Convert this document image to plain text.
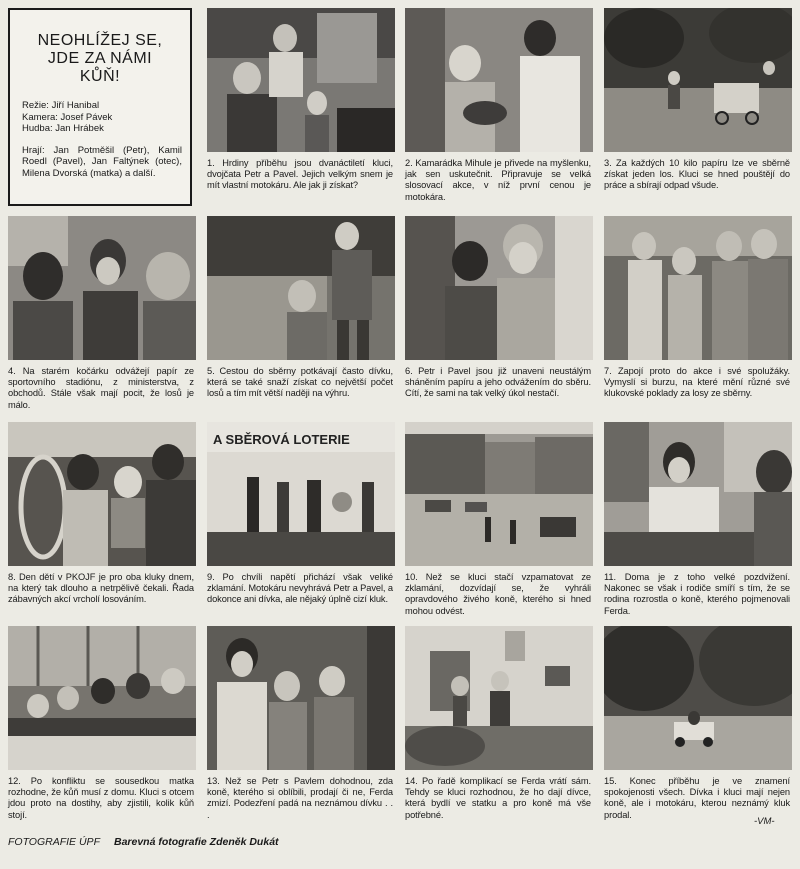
NEOHLÍŽEJ SE,
JDE ZA NÁMI
KŮŇ!
Režie: Jiří Hanibal
Kamera: Josef Pávek
Hudba: Jan Hrábek
Hrají: Jan Potměšil (Petr), Kamil Roedl (Pavel), Jan Faltýnek (otec), Milena Dvorská (matka) a další.
1. Hrdiny příběhu jsou dvanáctiletí kluci, dvojčata Petr a Pavel. Jejich velkým snem je mít vlastní motokáru. Ale jak ji získat?
2. Kamarádka Mihule je přivede na myšlenku, jak sen uskutečnit. Připravuje se velká slosovací akce, v níž první cenou je motokára.
3. Za každých 10 kilo papíru lze ve sběrně získat jeden los. Kluci se hned pouštějí do práce a sbírají odpad všude.
4. Na starém kočárku odvážejí papír ze sportovního stadiónu, z ministerstva, z obchodů. Stále však mají pocit, že losů je málo.
5. Cestou do sběrny potkávají často dívku, která se také snaží získat co největší počet losů a tím mít větší naději na výhru.
6. Petr i Pavel jsou již unaveni neustálým sháněním papíru a jeho odvážením do sběru. Cítí, že sami na tak velký úkol nestačí.
7. Zapojí proto do akce i své spolužáky. Vymyslí si burzu, na které mění různé své klukovské poklady za losy ze sběrny.
8. Den dětí v PKOJF je pro oba kluky dnem, na který tak dlouho a netrpělivě čekali. Řada zábavných akcí vrcholí losováním.
A SBĚROVÁ LOTERIE
9. Po chvíli napětí přichází však veliké zklamání. Motokáru nevyhrává Petr a Pavel, a dokonce ani dívka, ale nějaký úplně cizí kluk.
10. Než se kluci stačí vzpamatovat ze zklamání, dozvídají se, že vyhráli opravdového živého koně, kterého si hned mohou odvést.
11. Doma je z toho velké pozdvižení. Nakonec se však i rodiče smíří s tím, že se rodina rozrostla o koně, kterého pojmenovali Ferda.
12. Po konfliktu se sousedkou matka rozhodne, že kůň musí z domu. Kluci s otcem jdou proto na dostihy, aby zjistili, kolik kůň stojí.
13. Než se Petr s Pavlem dohodnou, zda koně, kterého si oblíbili, prodají či ne, Ferda zmizí. Podezření padá na neznámou dívku . . .
14. Po řadě komplikací se Ferda vrátí sám. Tehdy se kluci rozhodnou, že ho dají dívce, která bydlí ve statku a pro koně má vše potřebné.
15. Konec příběhu je ve znamení spokojenosti všech. Dívka i kluci mají nejen koně, ale i motokáru, kterou neznámý kluk prodal.
-VM-
FOTOGRAFIE ÚPF Barevná fotografie Zdeněk Dukát
